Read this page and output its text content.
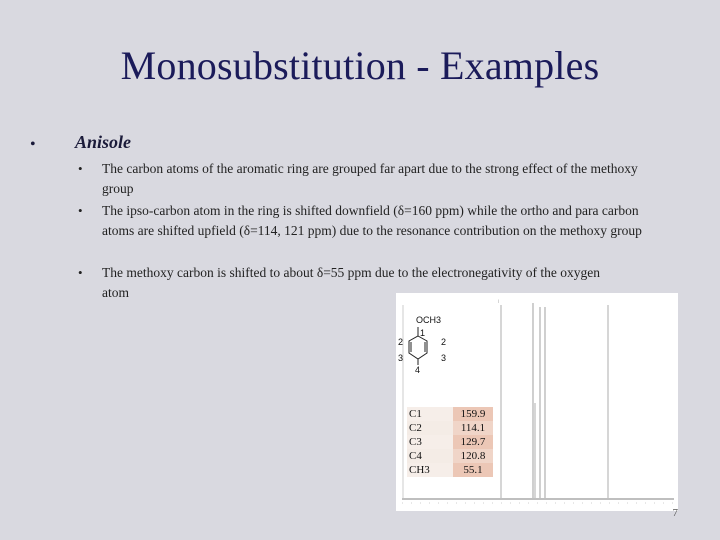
Monosubstitution - Examples
• Anisole
• The carbon atoms of the aromatic ring are grouped far apart due to the strong effect of the methoxy group
• The ipso-carbon atom in the ring is shifted downfield (δ=160 ppm) while the ortho and para carbon atoms are shifted upfield (δ=114, 121 ppm) due to the resonance contribution on the methoxy group
• The methoxy carbon is shifted to about δ=55 ppm due to the electronegativity of the oxygen atom
|
OCH3
1
2	2
3	3
4
C1	159.9
C2	114.1
C3	129.7
C4	120.8
CH3	55.1
7
